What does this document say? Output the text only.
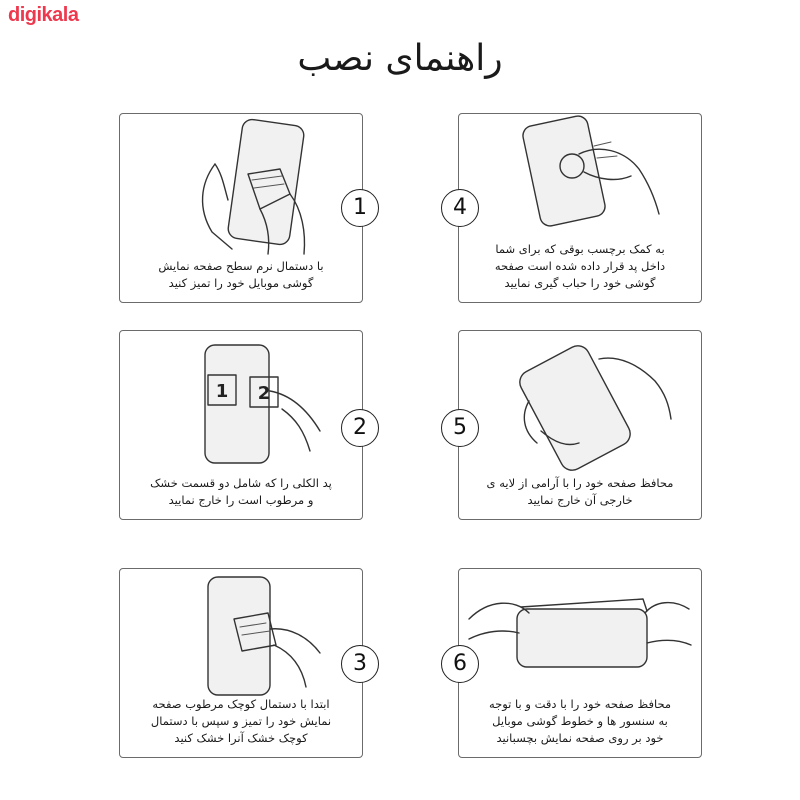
digikala
راهنمای نصب
با دستمال نرم سطح صفحه نمایش
گوشی موبایل خود را تمیز کنید
1
به کمک برچسب بوقی که برای شما
داخل پد قرار داده شده است صفحه
گوشی خود را حباب گیری نمایید
4
1 2
پد الکلی را که شامل دو قسمت خشک
و مرطوب است را خارج نمایید
2
محافظ صفحه خود را با آرامی از لایه ی
خارجی آن خارج نمایید
5
ابتدا با دستمال کوچک مرطوب صفحه
نمایش خود را تمیز و سپس با دستمال
کوچک خشک آنرا خشک کنید
3
محافظ صفحه خود را با دقت و با توجه
به سنسور ها و خطوط گوشی موبایل
خود بر روی صفحه نمایش بچسبانید
6
